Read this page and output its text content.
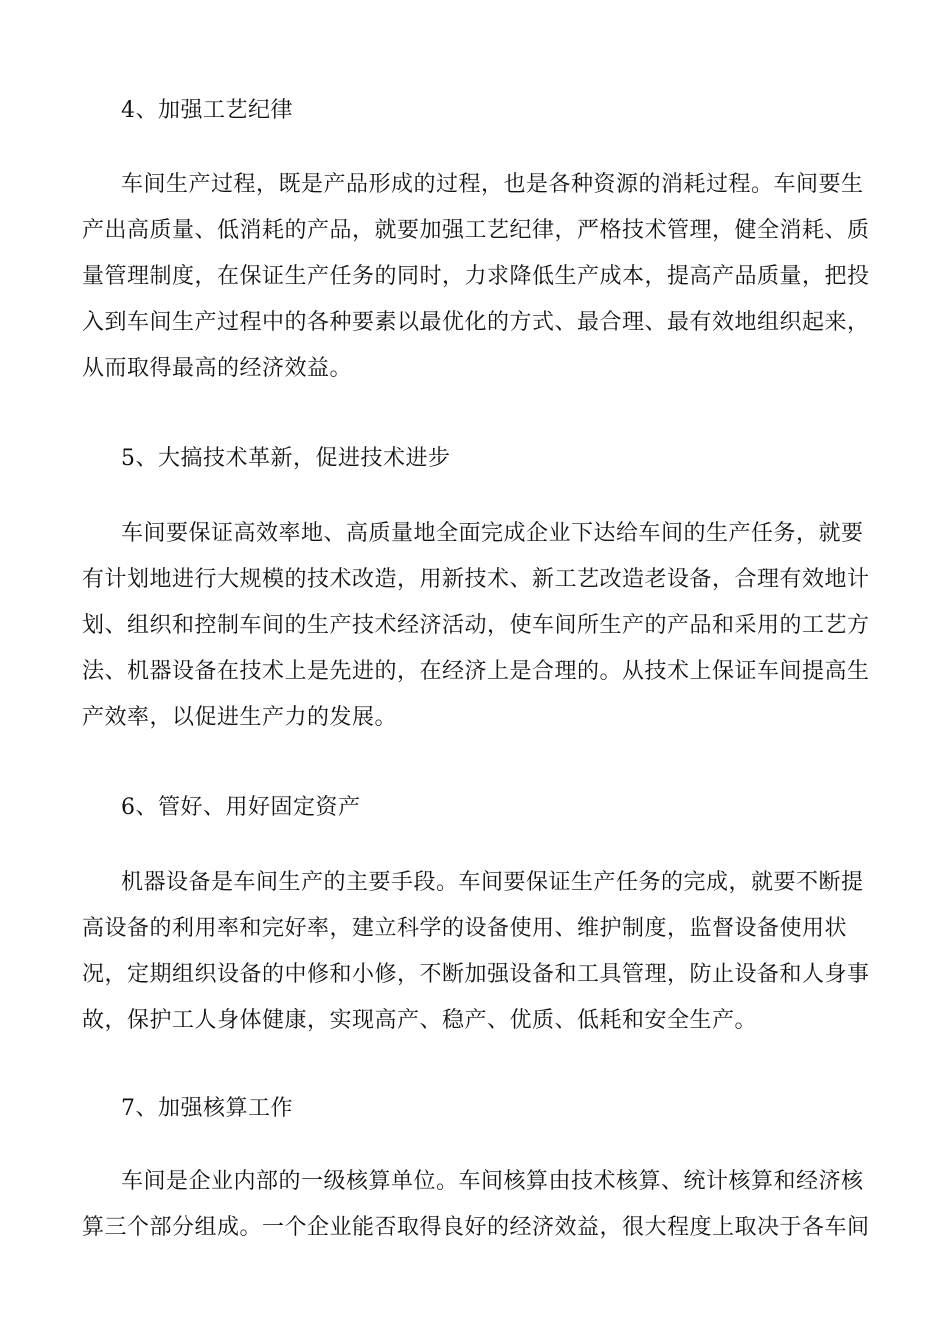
4、加强工艺纪律
车间生产过程，既是产品形成的过程，也是各种资源的消耗过程。车间要生
产出高质量、低消耗的产品，就要加强工艺纪律，严格技术管理，健全消耗、质
量管理制度，在保证生产任务的同时，力求降低生产成本，提高产品质量，把投
入到车间生产过程中的各种要素以最优化的方式、最合理、最有效地组织起来，
从而取得最高的经济效益。
5、大搞技术革新，促进技术进步
车间要保证高效率地、高质量地全面完成企业下达给车间的生产任务，就要
有计划地进行大规模的技术改造，用新技术、新工艺改造老设备，合理有效地计
划、组织和控制车间的生产技术经济活动，使车间所生产的产品和采用的工艺方
法、机器设备在技术上是先进的，在经济上是合理的。从技术上保证车间提高生
产效率，以促进生产力的发展。
6、管好、用好固定资产
机器设备是车间生产的主要手段。车间要保证生产任务的完成，就要不断提
高设备的利用率和完好率，建立科学的设备使用、维护制度，监督设备使用状
况，定期组织设备的中修和小修，不断加强设备和工具管理，防止设备和人身事
故，保护工人身体健康，实现高产、稳产、优质、低耗和安全生产。
7、加强核算工作
车间是企业内部的一级核算单位。车间核算由技术核算、统计核算和经济核
算三个部分组成。一个企业能否取得良好的经济效益，很大程度上取决于各车间
